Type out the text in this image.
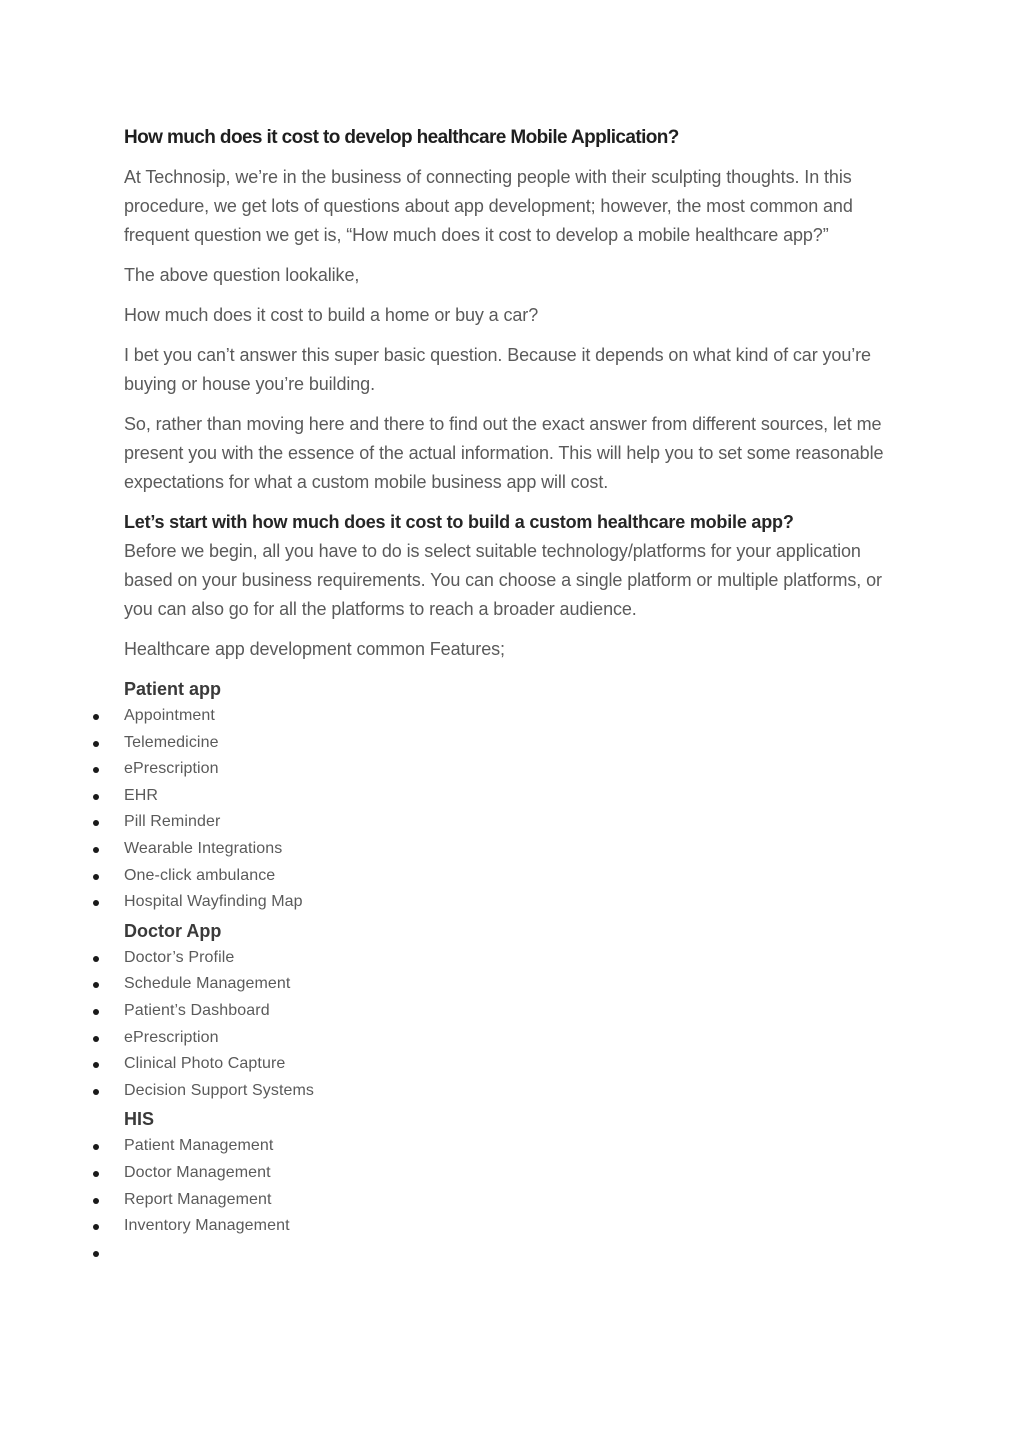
How much does it cost to develop healthcare Mobile Application?

At Technosip, we’re in the business of connecting people with their sculpting thoughts. In this procedure, we get lots of questions about app development; however, the most common and frequent question we get is, “How much does it cost to develop a mobile healthcare app?”

The above question lookalike,

How much does it cost to build a home or buy a car?

I bet you can’t answer this super basic question. Because it depends on what kind of car you’re buying or house you’re building.

So, rather than moving here and there to find out the exact answer from different sources, let me present you with the essence of the actual information. This will help you to set some reasonable expectations for what a custom mobile business app will cost.

Let’s start with how much does it cost to build a custom healthcare mobile app?

Before we begin, all you have to do is select suitable technology/platforms for your application based on your business requirements. You can choose a single platform or multiple platforms, or you can also go for all the platforms to reach a broader audience.

Healthcare app development common Features;

Patient app
Appointment
Telemedicine
ePrescription
EHR
Pill Reminder
Wearable Integrations
One-click ambulance
Hospital Wayfinding Map
Doctor App
Doctor’s Profile
Schedule Management
Patient’s Dashboard
ePrescription
Clinical Photo Capture
Decision Support Systems
HIS
Patient Management
Doctor Management
Report Management
Inventory Management
